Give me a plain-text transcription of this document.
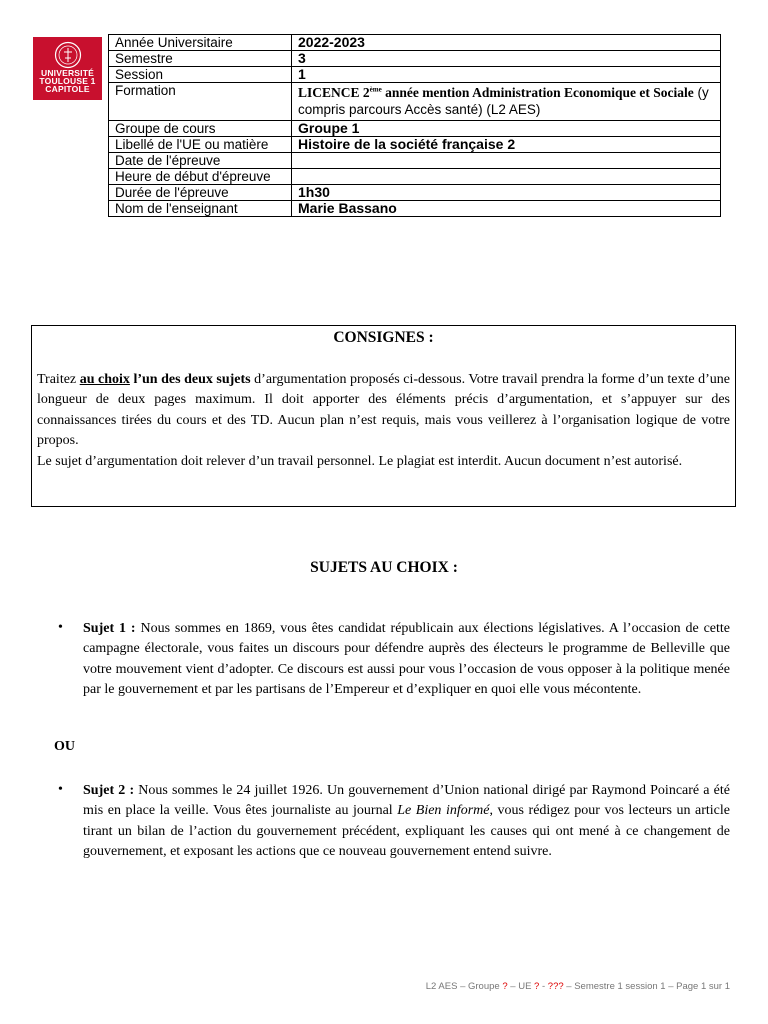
UNIVERSITÉ
TOULOUSE 1
CAPITOLE
Année Universitaire	2022-2023
Semestre	3
Session	1
Formation	LICENCE 2ème année mention Administration Economique et Sociale (y compris parcours Accès santé) (L2 AES)
Groupe de cours	Groupe 1
Libellé de l'UE ou matière	Histoire de la société française 2
Date de l'épreuve	
Heure de début d'épreuve	
Durée de l'épreuve	1h30
Nom de l'enseignant	Marie Bassano
CONSIGNES :

Traitez au choix l’un des deux sujets d’argumentation proposés ci-dessous. Votre travail prendra la forme d’un texte d’une longueur de deux pages maximum. Il doit apporter des éléments précis d’argumentation, et s’appuyer sur des connaissances tirées du cours et des TD. Aucun plan n’est requis, mais vous veillerez à l’organisation logique de votre propos.

Le sujet d’argumentation doit relever d’un travail personnel. Le plagiat est interdit. Aucun document n’est autorisé.

SUJETS AU CHOIX :
• Sujet 1 : Nous sommes en 1869, vous êtes candidat républicain aux élections législatives. A l’occasion de cette campagne électorale, vous faites un discours pour défendre auprès des électeurs le programme de Belleville que votre mouvement vient d’adopter. Ce discours est aussi pour vous l’occasion de vous opposer à la politique menée par le gouvernement et par les partisans de l’Empereur et d’expliquer en quoi elle vous mécontente.

OU

• Sujet 2 : Nous sommes le 24 juillet 1926. Un gouvernement d’Union national dirigé par Raymond Poincaré a été mis en place la veille. Vous êtes journaliste au journal Le Bien informé, vous rédigez pour vos lecteurs un article tirant un bilan de l’action du gouvernement précédent, expliquant les causes qui ont mené à ce changement de gouvernement, et exposant les actions que ce nouveau gouvernement entend suivre.

L2 AES – Groupe ? – UE ? - ??? – Semestre 1 session 1 – Page 1 sur 1
